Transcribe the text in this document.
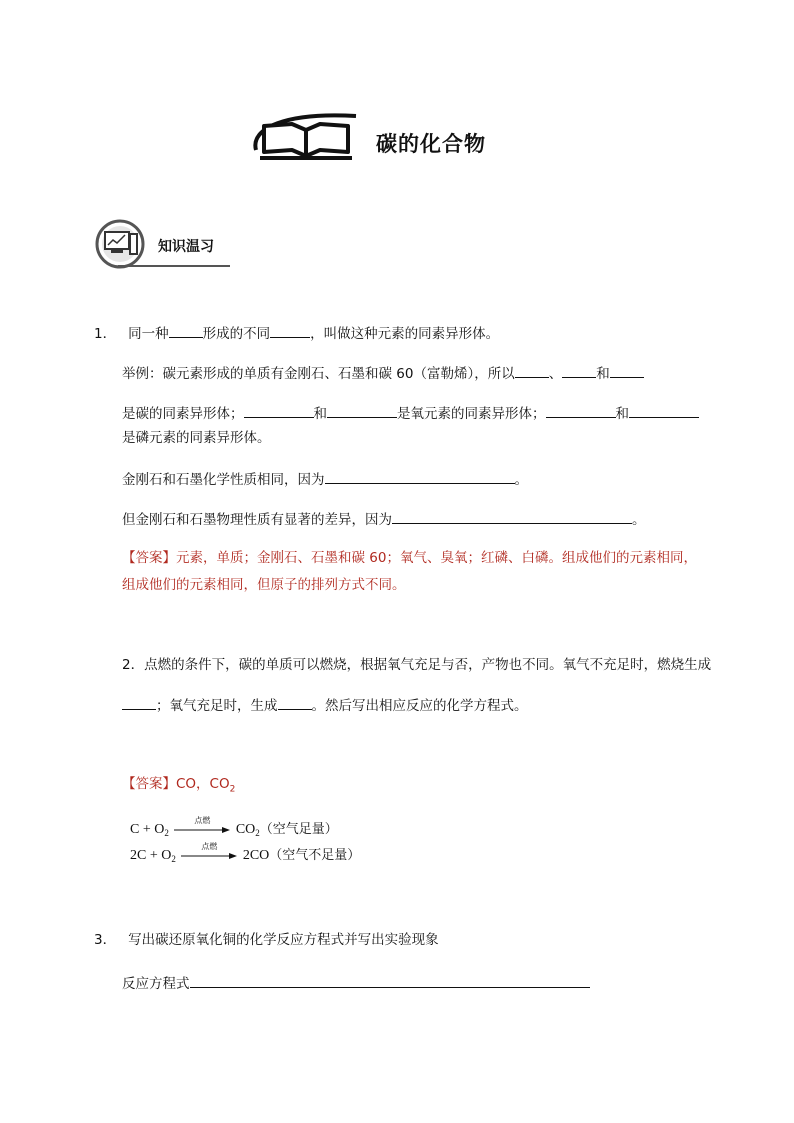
碳的化合物
知识温习
1． 同一种	形成的不同	，叫做这种元素的同素异形体。
举例：碳元素形成的单质有金刚石、石墨和碳 60（富勒烯），所以	、	和
是碳的同素异形体；	和	是氧元素的同素异形体；	和
是磷元素的同素异形体。
金刚石和石墨化学性质相同，因为	。
但金刚石和石墨物理性质有显著的差异，因为	。
【答案】元素，单质；金刚石、石墨和碳 60；氧气、臭氧；红磷、白磷。组成他们的元素相同，
组成他们的元素相同，但原子的排列方式不同。
2．点燃的条件下，碳的单质可以燃烧，根据氧气充足与否，产物也不同。氧气不充足时，燃烧生成
；氧气充足时，生成	。然后写出相应反应的化学方程式。
【答案】CO，$CO_2$
$C + O_2$
点燃
$CO_2$（空气足量）
$2C + O_2$
点燃
2CO（空气不足量）
3． 写出碳还原氧化铜的化学反应方程式并写出实验现象
反应方程式
